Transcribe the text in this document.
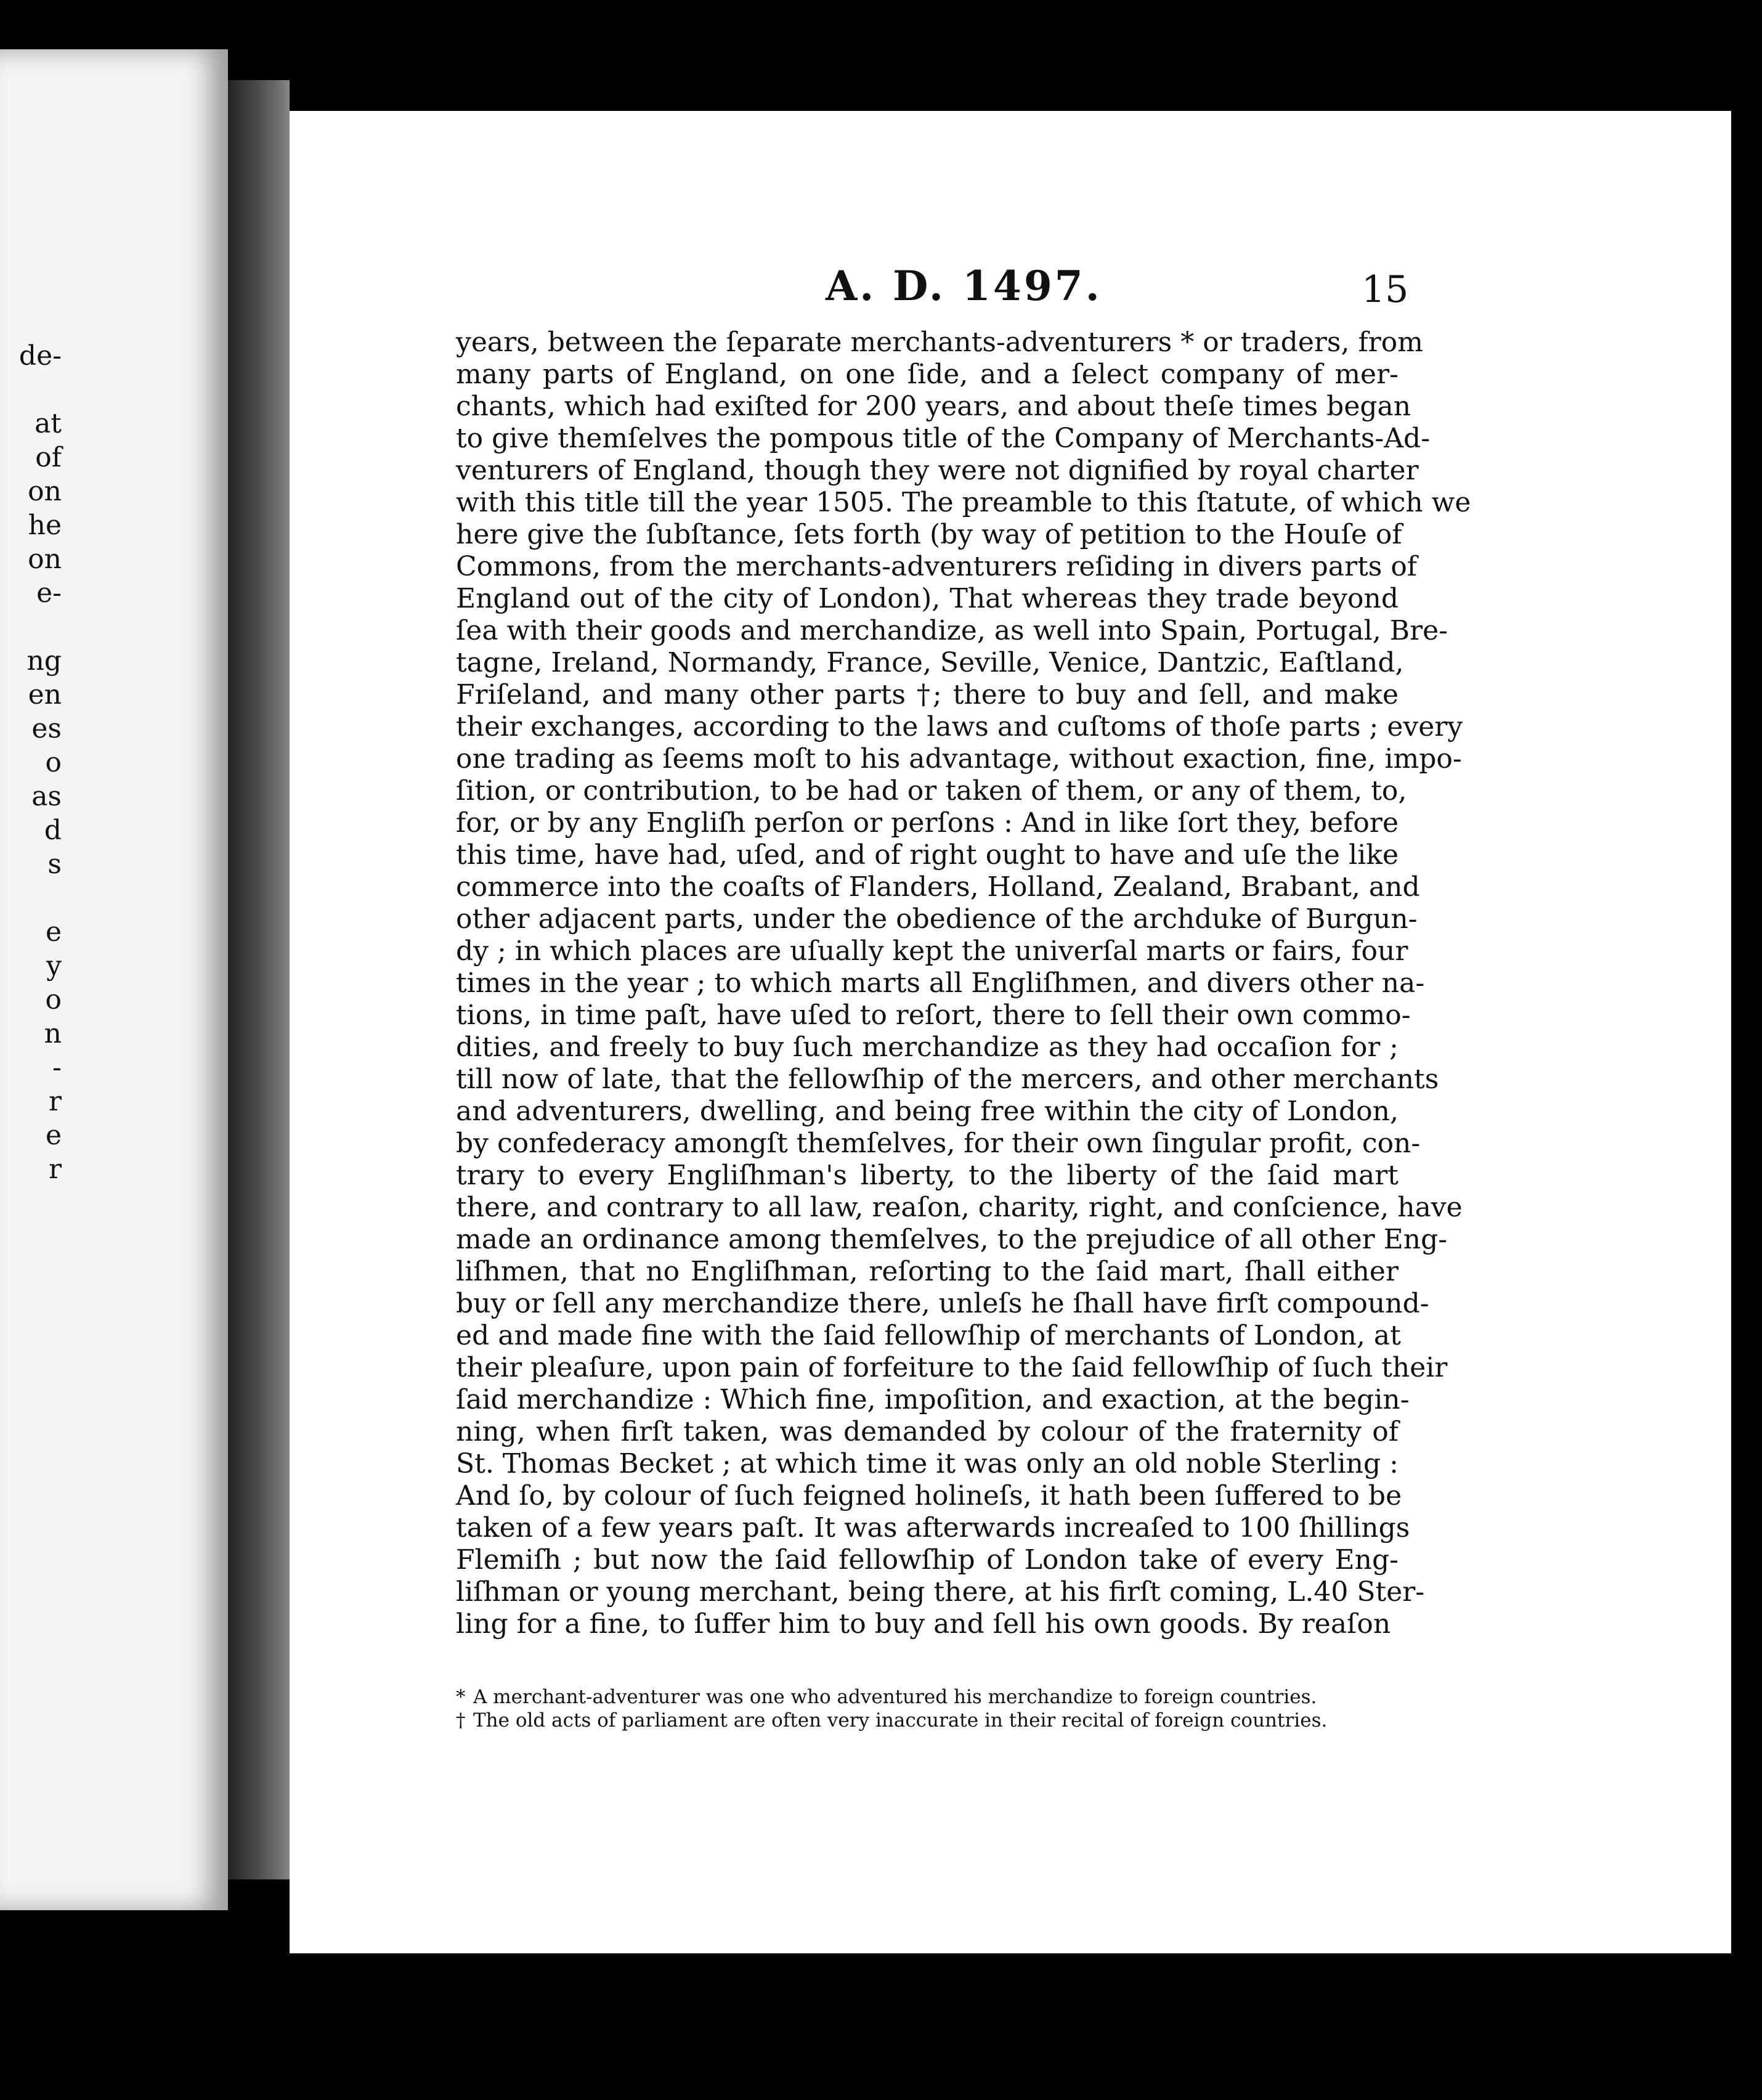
de-
at
of
on
he
on
e-
ng
en
es
o
as
d
s
e
y
o
n
-
r
e
r
A. D. 1497.	15
years, between the ſeparate merchants-adventurers * or traders, from
many parts of England, on one ſide, and a ſelect company of mer-
chants, which had exiſted for 200 years, and about theſe times began
to give themſelves the pompous title of the Company of Merchants-Ad-
venturers of England, though they were not dignified by royal charter
with this title till the year 1505. The preamble to this ſtatute, of which we
here give the ſubſtance, ſets forth (by way of petition to the Houſe of
Commons, from the merchants-adventurers reſiding in divers parts of
England out of the city of London), That whereas they trade beyond
ſea with their goods and merchandize, as well into Spain, Portugal, Bre-
tagne, Ireland, Normandy, France, Seville, Venice, Dantzic, Eaſtland,
Friſeland, and many other parts †; there to buy and ſell, and make
their exchanges, according to the laws and cuſtoms of thoſe parts ; every
one trading as ſeems moſt to his advantage, without exaction, fine, impo-
ſition, or contribution, to be had or taken of them, or any of them, to,
for, or by any Engliſh perſon or perſons : And in like ſort they, before
this time, have had, uſed, and of right ought to have and uſe the like
commerce into the coaſts of Flanders, Holland, Zealand, Brabant, and
other adjacent parts, under the obedience of the archduke of Burgun-
dy ; in which places are uſually kept the univerſal marts or fairs, four
times in the year ; to which marts all Engliſhmen, and divers other na-
tions, in time paſt, have uſed to reſort, there to ſell their own commo-
dities, and freely to buy ſuch merchandize as they had occaſion for ;
till now of late, that the fellowſhip of the mercers, and other merchants
and adventurers, dwelling, and being free within the city of London,
by confederacy amongſt themſelves, for their own ſingular profit, con-
trary to every Engliſhman's liberty, to the liberty of the ſaid mart
there, and contrary to all law, reaſon, charity, right, and conſcience, have
made an ordinance among themſelves, to the prejudice of all other Eng-
liſhmen, that no Engliſhman, reſorting to the ſaid mart, ſhall either
buy or ſell any merchandize there, unleſs he ſhall have firſt compound-
ed and made fine with the ſaid fellowſhip of merchants of London, at
their pleaſure, upon pain of forfeiture to the ſaid fellowſhip of ſuch their
ſaid merchandize : Which fine, impoſition, and exaction, at the begin-
ning, when firſt taken, was demanded by colour of the fraternity of
St. Thomas Becket ; at which time it was only an old noble Sterling :
And ſo, by colour of ſuch feigned holineſs, it hath been ſuffered to be
taken of a few years paſt. It was afterwards increaſed to 100 ſhillings
Flemiſh ; but now the ſaid fellowſhip of London take of every Eng-
liſhman or young merchant, being there, at his firſt coming, L.40 Ster-
ling for a fine, to ſuffer him to buy and ſell his own goods. By reaſon
* A merchant-adventurer was one who adventured his merchandize to foreign countries.
† The old acts of parliament are often very inaccurate in their recital of foreign countries.
